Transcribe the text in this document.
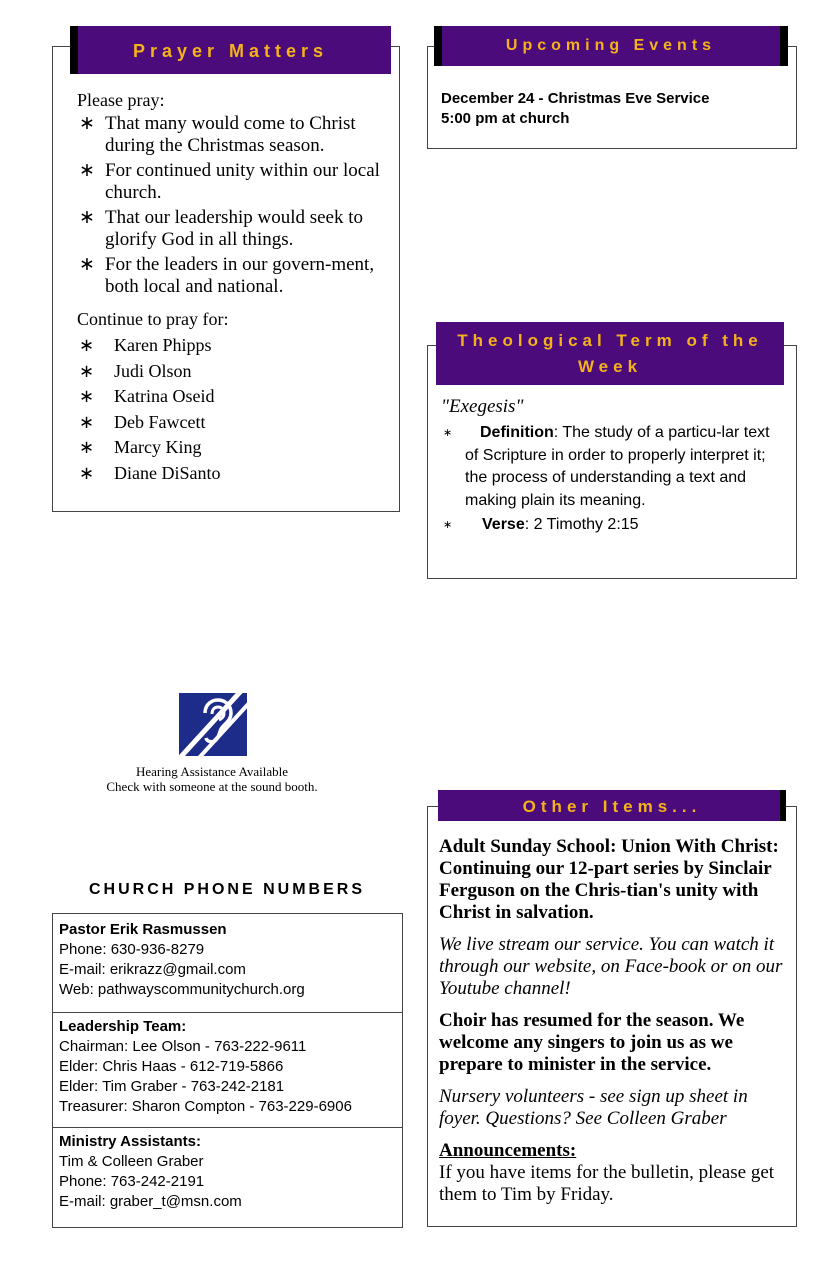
Prayer Matters
Please pray:
∗ That many would come to Christ during the Christmas season.
∗ For continued unity within our local church.
∗ That our leadership would seek to glorify God in all things.
∗ For the leaders in our govern-ment, both local and national.
Continue to pray for:
∗ Karen Phipps
∗ Judi Olson
∗ Katrina Oseid
∗ Deb Fawcett
∗ Marcy King
∗ Diane DiSanto
Upcoming Events
December 24 - Christmas Eve Service
5:00 pm at church
Theological Term of the Week
"Exegesis"
∗ Definition: The study of a particu-lar text of Scripture in order to properly interpret it; the process of understanding a text and making plain its meaning.
∗ Verse: 2 Timothy 2:15
Hearing Assistance Available
Check with someone at the sound booth.
CHURCH PHONE NUMBERS
Pastor Erik Rasmussen
Phone: 630-936-8279
E-mail: erikrazz@gmail.com
Web: pathwayscommunitychurch.org
Leadership Team:
Chairman: Lee Olson - 763-222-9611
Elder: Chris Haas - 612-719-5866
Elder: Tim Graber - 763-242-2181
Treasurer: Sharon Compton - 763-229-6906
Ministry Assistants:
Tim & Colleen Graber
Phone: 763-242-2191
E-mail: graber_t@msn.com
Other Items...
Adult Sunday School: Union With Christ: Continuing our 12-part series by Sinclair Ferguson on the Chris-tian's unity with Christ in salvation.
We live stream our service. You can watch it through our website, on Face-book or on our Youtube channel!
Choir has resumed for the season. We welcome any singers to join us as we prepare to minister in the service.
Nursery volunteers - see sign up sheet in foyer. Questions? See Colleen Graber
Announcements:
If you have items for the bulletin, please get them to Tim by Friday.
